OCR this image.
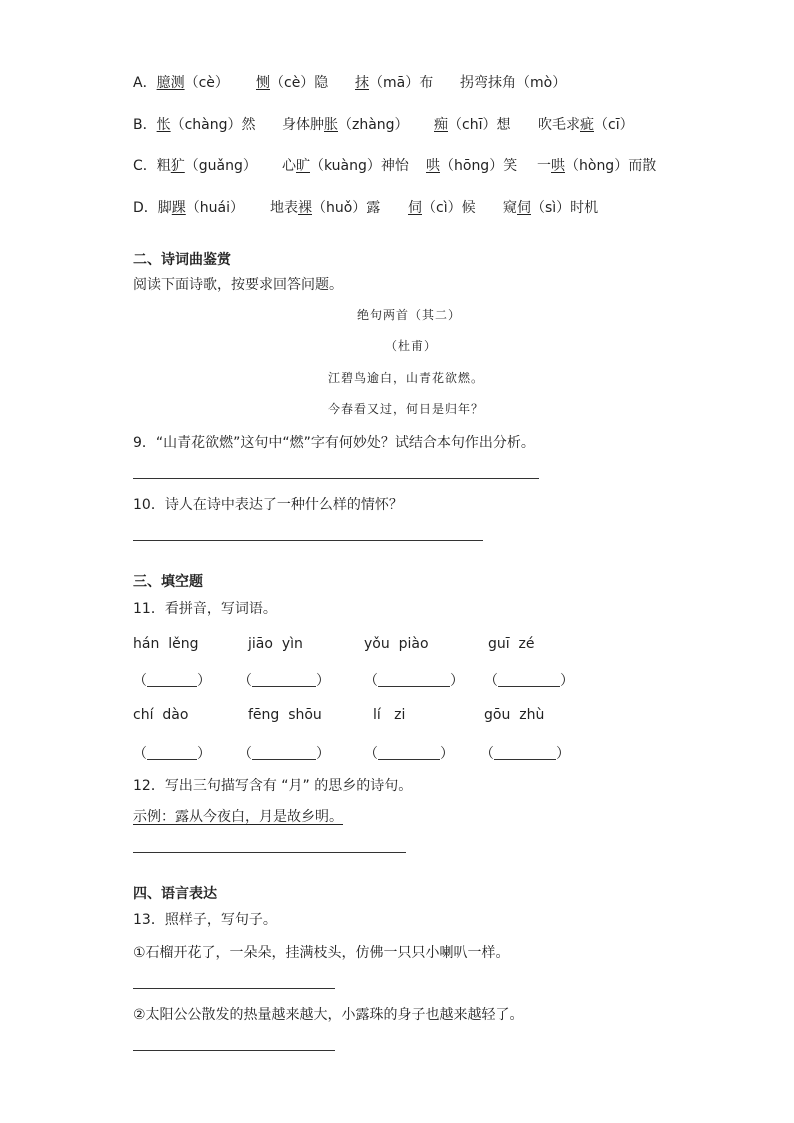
A．臆测（cè） 恻（cè）隐 抹（mā）布 拐弯抹角（mò）
B．怅（chàng）然 身体肿胀（zhàng） 痴（chī）想 吹毛求疵（cī）
C．粗犷（guǎng） 心旷（kuàng）神怡 哄（hōng）笑 一哄（hòng）而散
D．脚踝（huái） 地表裸（huǒ）露 伺（cì）候 窥伺（sì）时机
二、诗词曲鉴赏
阅读下面诗歌，按要求回答问题。
绝句两首（其二）
（杜甫）
江碧鸟逾白，山青花欲燃。
今春看又过，何日是归年？
9．“山青花欲燃”这句中“燃”字有何妙处？试结合本句作出分析。
10．诗人在诗中表达了一种什么样的情怀？
三、填空题
11．看拼音，写词语。
hán  lěng	jiāo  yìn	yǒu  piào	guī  zé
（	） （	） （	） （	）
chí  dào	fēng  shōu	lí   zi	gōu  zhù
（	） （	） （	） （	）
12．写出三句描写含有 “月” 的思乡的诗句。
示例：露从今夜白，月是故乡明。
四、语言表达
13．照样子，写句子。
①石榴开花了，一朵朵，挂满枝头，仿佛一只只小喇叭一样。
②太阳公公散发的热量越来越大，小露珠的身子也越来越轻了。
